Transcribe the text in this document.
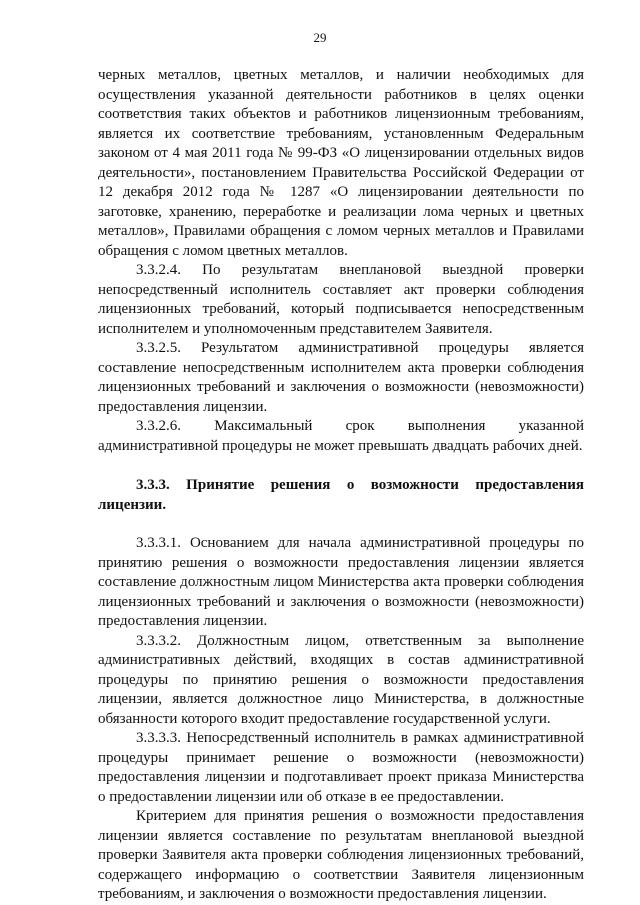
29

черных металлов, цветных металлов, и наличии необходимых для осуществления указанной деятельности работников в целях оценки соответствия таких объектов и работников лицензионным требованиям, является их соответствие требованиям, установленным Федеральным законом от 4 мая 2011 года № 99-ФЗ «О лицензировании отдельных видов деятельности», постановлением Правительства Российской Федерации от 12 декабря 2012 года № 1287 «О лицензировании деятельности по заготовке, хранению, переработке и реализации лома черных и цветных металлов», Правилами обращения с ломом черных металлов и Правилами обращения с ломом цветных металлов.

3.3.2.4. По результатам внеплановой выездной проверки непосредственный исполнитель составляет акт проверки соблюдения лицензионных требований, который подписывается непосредственным исполнителем и уполномоченным представителем Заявителя.

3.3.2.5. Результатом административной процедуры является составление непосредственным исполнителем акта проверки соблюдения лицензионных требований и заключения о возможности (невозможности) предоставления лицензии.

3.3.2.6. Максимальный срок выполнения указанной административной процедуры не может превышать двадцать рабочих дней.

3.3.3. Принятие решения о возможности предоставления лицензии.

3.3.3.1. Основанием для начала административной процедуры по принятию решения о возможности предоставления лицензии является составление должностным лицом Министерства акта проверки соблюдения лицензионных требований и заключения о возможности (невозможности) предоставления лицензии.

3.3.3.2. Должностным лицом, ответственным за выполнение административных действий, входящих в состав административной процедуры по принятию решения о возможности предоставления лицензии, является должностное лицо Министерства, в должностные обязанности которого входит предоставление государственной услуги.

3.3.3.3. Непосредственный исполнитель в рамках административной процедуры принимает решение о возможности (невозможности) предоставления лицензии и подготавливает проект приказа Министерства о предоставлении лицензии или об отказе в ее предоставлении.

Критерием для принятия решения о возможности предоставления лицензии является составление по результатам внеплановой выездной проверки Заявителя акта проверки соблюдения лицензионных требований, содержащего информацию о соответствии Заявителя лицензионным требованиям, и заключения о возможности предоставления лицензии.
